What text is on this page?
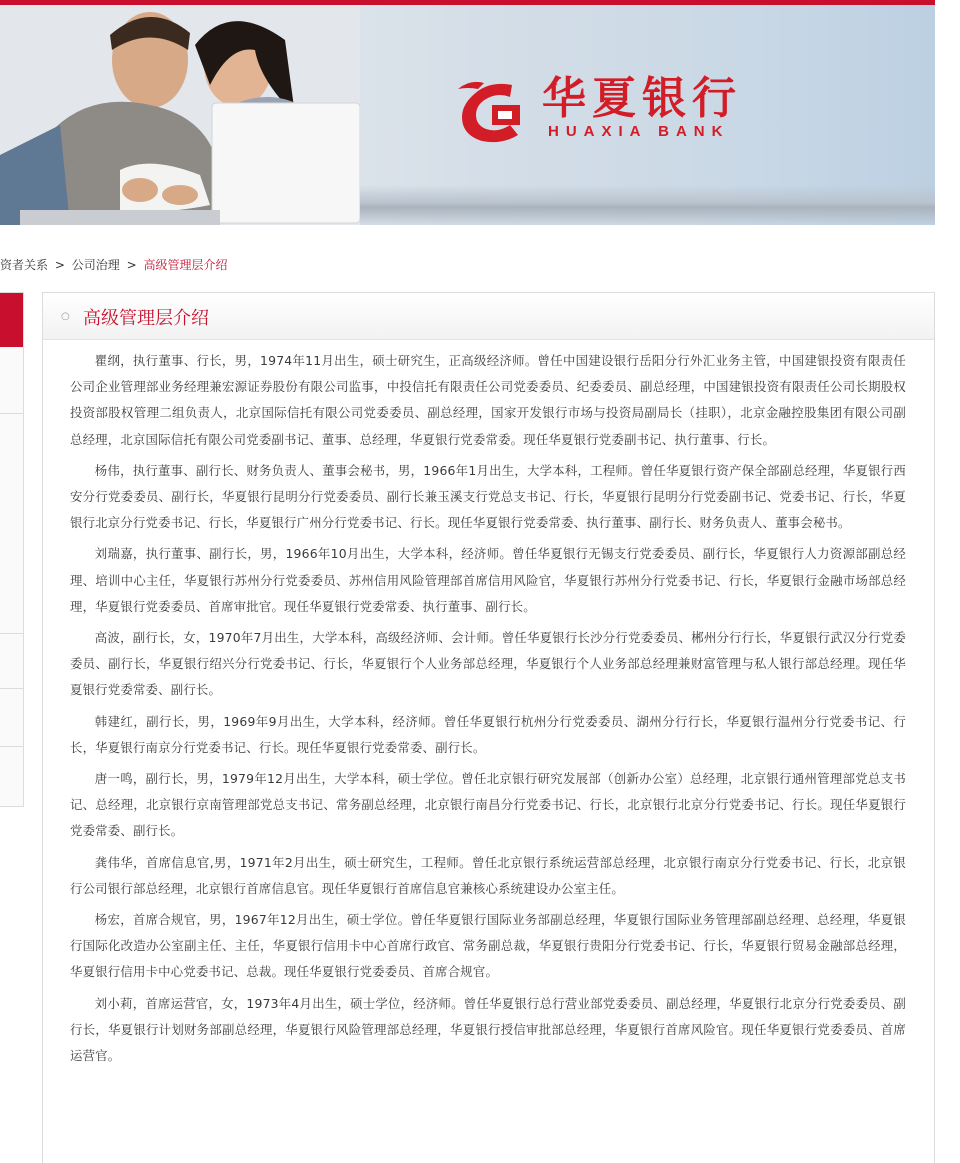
华夏银行
HUAXIA BANK
资者关系 > 公司治理 > 高级管理层介绍
○ 高级管理层介绍

瞿纲，执行董事、行长，男，1974年11月出生，硕士研究生，正高级经济师。曾任中国建设银行岳阳分行外汇业务主管，中国建银投资有限责任公司企业管理部业务经理兼宏源证券股份有限公司监事，中投信托有限责任公司党委委员、纪委委员、副总经理，中国建银投资有限责任公司长期股权投资部股权管理二组负责人，北京国际信托有限公司党委委员、副总经理，国家开发银行市场与投资局副局长（挂职），北京金融控股集团有限公司副总经理，北京国际信托有限公司党委副书记、董事、总经理，华夏银行党委常委。现任华夏银行党委副书记、执行董事、行长。

杨伟，执行董事、副行长、财务负责人、董事会秘书，男，1966年1月出生，大学本科，工程师。曾任华夏银行资产保全部副总经理，华夏银行西安分行党委委员、副行长，华夏银行昆明分行党委委员、副行长兼玉溪支行党总支书记、行长，华夏银行昆明分行党委副书记、党委书记、行长，华夏银行北京分行党委书记、行长，华夏银行广州分行党委书记、行长。现任华夏银行党委常委、执行董事、副行长、财务负责人、董事会秘书。

刘瑞嘉，执行董事、副行长，男，1966年10月出生，大学本科，经济师。曾任华夏银行无锡支行党委委员、副行长，华夏银行人力资源部副总经理、培训中心主任，华夏银行苏州分行党委委员、苏州信用风险管理部首席信用风险官，华夏银行苏州分行党委书记、行长，华夏银行金融市场部总经理，华夏银行党委委员、首席审批官。现任华夏银行党委常委、执行董事、副行长。

高波，副行长，女，1970年7月出生，大学本科，高级经济师、会计师。曾任华夏银行长沙分行党委委员、郴州分行行长，华夏银行武汉分行党委委员、副行长，华夏银行绍兴分行党委书记、行长，华夏银行个人业务部总经理，华夏银行个人业务部总经理兼财富管理与私人银行部总经理。现任华夏银行党委常委、副行长。

韩建红，副行长，男，1969年9月出生，大学本科，经济师。曾任华夏银行杭州分行党委委员、湖州分行行长，华夏银行温州分行党委书记、行长，华夏银行南京分行党委书记、行长。现任华夏银行党委常委、副行长。

唐一鸣，副行长，男，1979年12月出生，大学本科，硕士学位。曾任北京银行研究发展部（创新办公室）总经理，北京银行通州管理部党总支书记、总经理，北京银行京南管理部党总支书记、常务副总经理，北京银行南昌分行党委书记、行长，北京银行北京分行党委书记、行长。现任华夏银行党委常委、副行长。

龚伟华，首席信息官,男，1971年2月出生，硕士研究生，工程师。曾任北京银行系统运营部总经理，北京银行南京分行党委书记、行长，北京银行公司银行部总经理，北京银行首席信息官。现任华夏银行首席信息官兼核心系统建设办公室主任。

杨宏，首席合规官，男，1967年12月出生，硕士学位。曾任华夏银行国际业务部副总经理，华夏银行国际业务管理部副总经理、总经理，华夏银行国际化改造办公室副主任、主任，华夏银行信用卡中心首席行政官、常务副总裁，华夏银行贵阳分行党委书记、行长，华夏银行贸易金融部总经理，华夏银行信用卡中心党委书记、总裁。现任华夏银行党委委员、首席合规官。

刘小莉，首席运营官，女，1973年4月出生，硕士学位，经济师。曾任华夏银行总行营业部党委委员、副总经理，华夏银行北京分行党委委员、副行长，华夏银行计划财务部副总经理，华夏银行风险管理部总经理，华夏银行授信审批部总经理，华夏银行首席风险官。现任华夏银行党委委员、首席运营官。
